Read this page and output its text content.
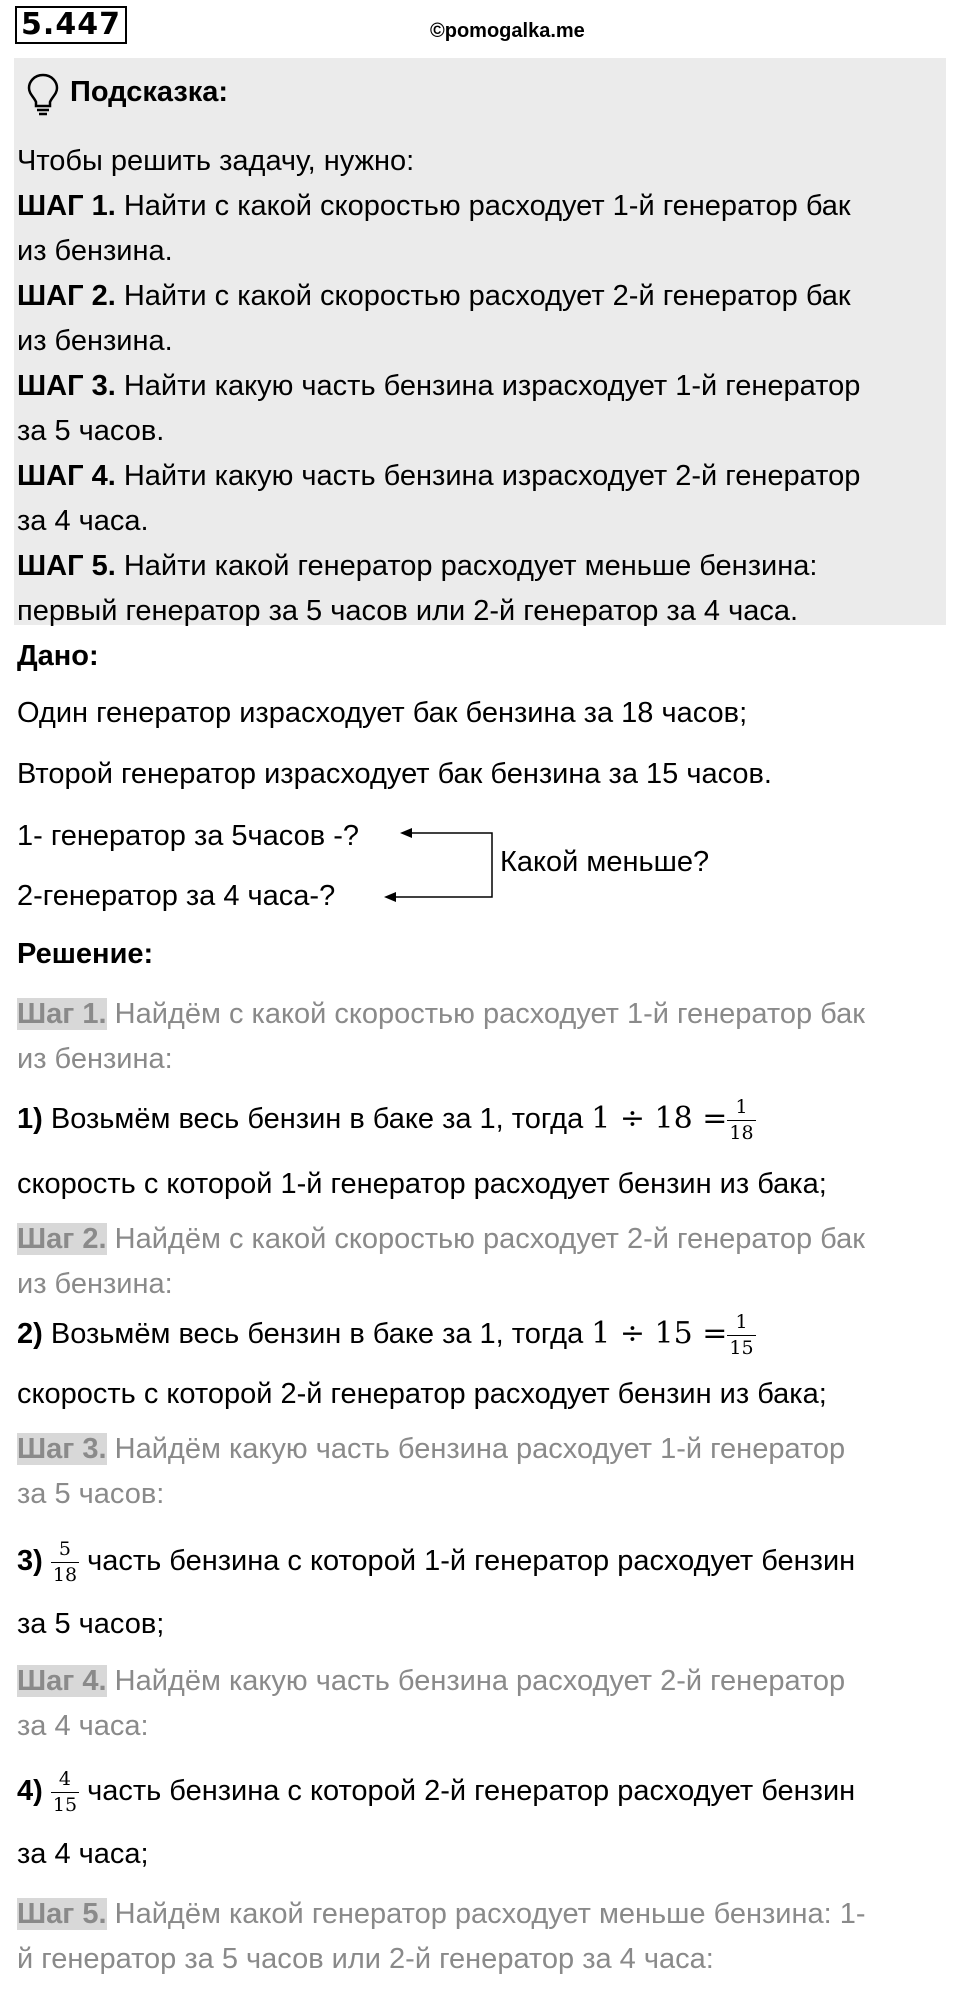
5.447	©pomogalka.me
Подсказка:
Чтобы решить задачу, нужно:
ШАГ 1. Найти с какой скоростью расходует 1-й генератор бак
из бензина.
ШАГ 2. Найти с какой скоростью расходует 2-й генератор бак
из бензина.
ШАГ 3. Найти какую часть бензина израсходует 1-й генератор
за 5 часов.
ШАГ 4. Найти какую часть бензина израсходует 2-й генератор
за 4 часа.
ШАГ 5. Найти какой генератор расходует меньше бензина:
первый генератор за 5 часов или 2-й генератор за 4 часа.
Дано:
Один генератор израсходует бак бензина за 18 часов;
Второй генератор израсходует бак бензина за 15 часов.
1- генератор за 5часов -?
2-генератор за 4 часа-?
Какой меньше?
Решение:
Шаг 1. Найдём с какой скоростью расходует 1-й генератор бак
из бензина:
1) Возьмём весь бензин в баке за 1, тогда $1 \div 18 = \frac{1}{18}$
скорость с которой 1-й генератор расходует бензин из бака;
Шаг 2. Найдём с какой скоростью расходует 2-й генератор бак
из бензина:
2) Возьмём весь бензин в баке за 1, тогда $1 \div 15 = \frac{1}{15}$
скорость с которой 2-й генератор расходует бензин из бака;
Шаг 3. Найдём какую часть бензина расходует 1-й генератор
за 5 часов:
$3) \frac{5}{18}$ часть бензина с которой 1-й генератор расходует бензин
за 5 часов;
Шаг 4. Найдём какую часть бензина расходует 2-й генератор
за 4 часа:
$4) \frac{4}{15}$ часть бензина с которой 2-й генератор расходует бензин
за 4 часа;
Шаг 5. Найдём какой генератор расходует меньше бензина: 1-
й генератор за 5 часов или 2-й генератор за 4 часа:
